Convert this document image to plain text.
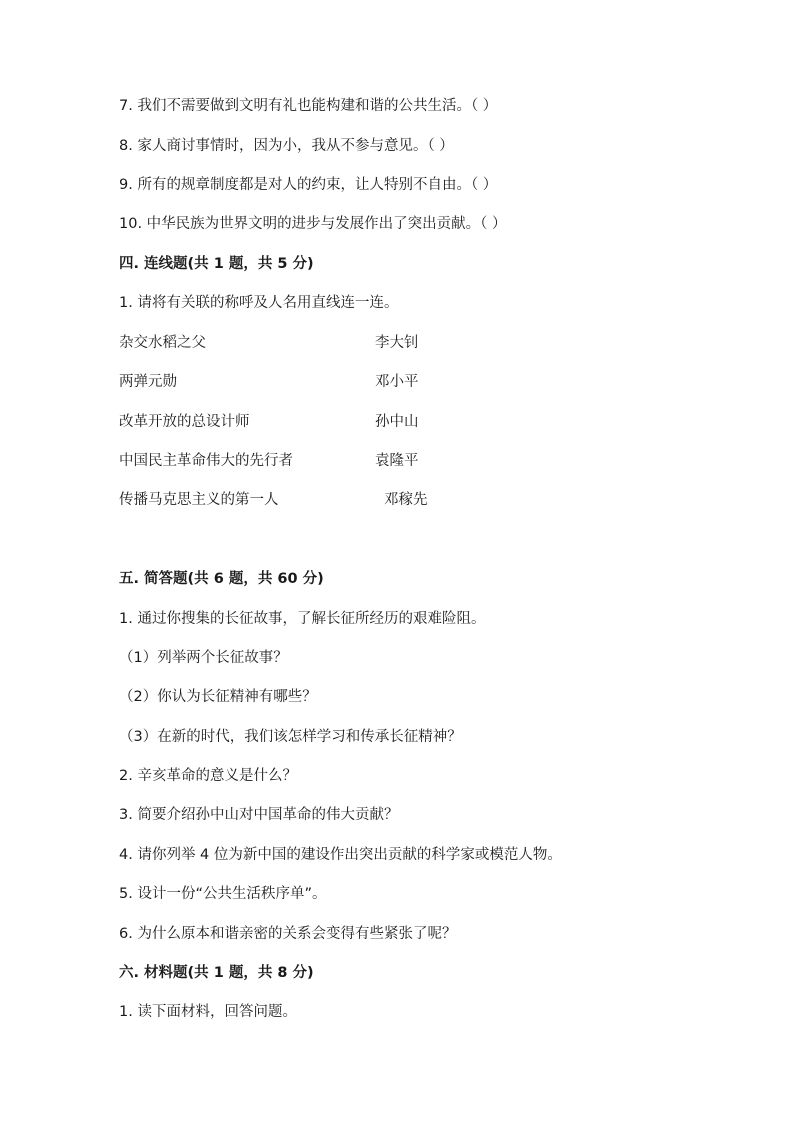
7. 我们不需要做到文明有礼也能构建和谐的公共生活。（ ）
8. 家人商讨事情时，因为小，我从不参与意见。（ ）
9. 所有的规章制度都是对人的约束，让人特别不自由。（ ）
10. 中华民族为世界文明的进步与发展作出了突出贡献。（ ）
四. 连线题(共 1 题，共 5 分)
1. 请将有关联的称呼及人名用直线连一连。
杂交水稻之父	李大钊
两弹元勋	邓小平
改革开放的总设计师	孙中山
中国民主革命伟大的先行者	袁隆平
传播马克思主义的第一人	邓稼先
五. 简答题(共 6 题，共 60 分)
1. 通过你搜集的长征故事，了解长征所经历的艰难险阻。
（1）列举两个长征故事？
（2）你认为长征精神有哪些？
（3）在新的时代，我们该怎样学习和传承长征精神？
2. 辛亥革命的意义是什么？
3. 简要介绍孙中山对中国革命的伟大贡献？
4. 请你列举 4 位为新中国的建设作出突出贡献的科学家或模范人物。
5. 设计一份“公共生活秩序单”。
6. 为什么原本和谐亲密的关系会变得有些紧张了呢？
六. 材料题(共 1 题，共 8 分)
1. 读下面材料，回答问题。
